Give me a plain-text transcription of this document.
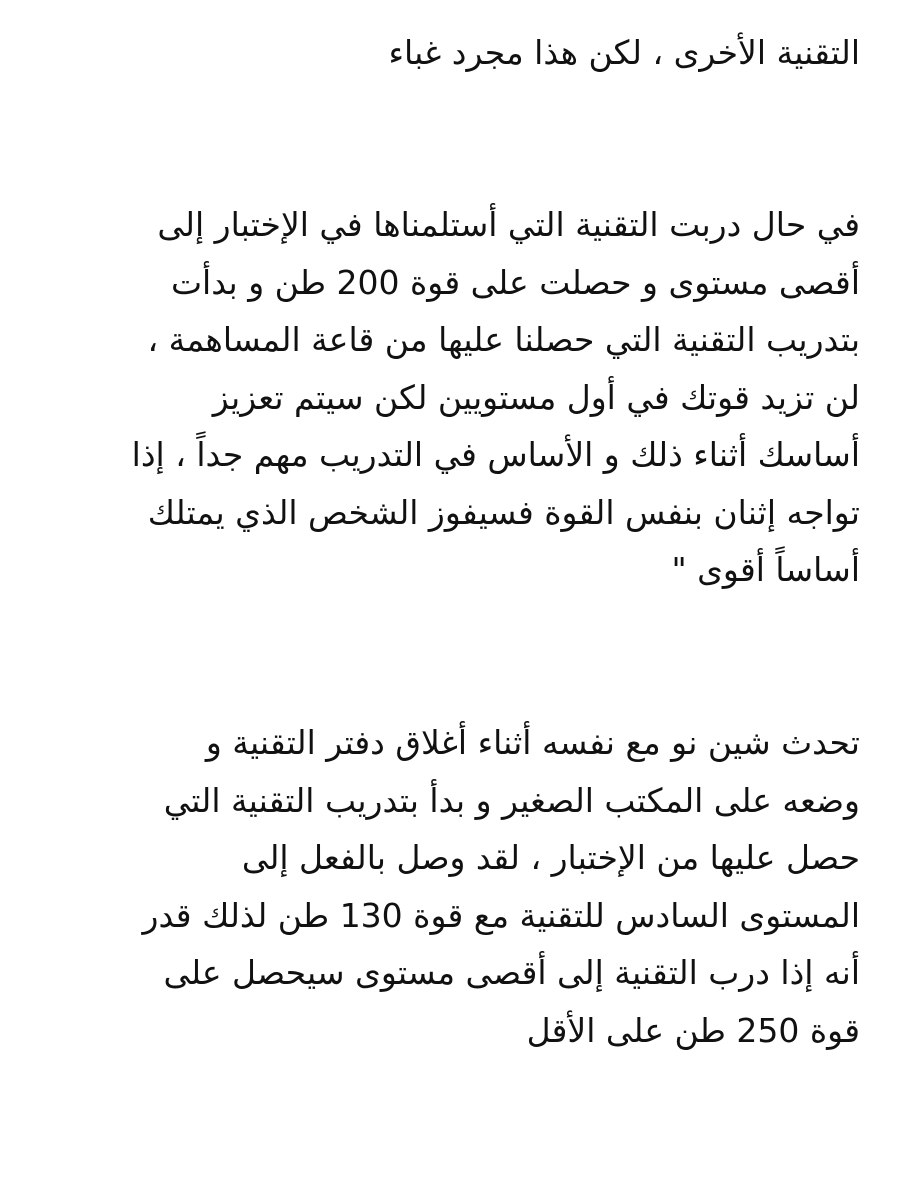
التقنية الأخرى ، لكن هذا مجرد غباء
في حال دربت التقنية التي أستلمناها في الإختبار إلى
أقصى مستوى و حصلت على قوة 200 طن و بدأت
بتدريب التقنية التي حصلنا عليها من قاعة المساهمة ،
لن تزيد قوتك في أول مستويين لكن سيتم تعزيز
أساسك أثناء ذلك و الأساس في التدريب مهم جداً ، إذا
تواجه إثنان بنفس القوة فسيفوز الشخص الذي يمتلك
أساساً أقوى "
تحدث شين نو مع نفسه أثناء أغلاق دفتر التقنية و
وضعه على المكتب الصغير و بدأ بتدريب التقنية التي
حصل عليها من الإختبار ، لقد وصل بالفعل إلى
المستوى السادس للتقنية مع قوة 130 طن لذلك قدر
أنه إذا درب التقنية إلى أقصى مستوى سيحصل على
قوة 250 طن على الأقل
